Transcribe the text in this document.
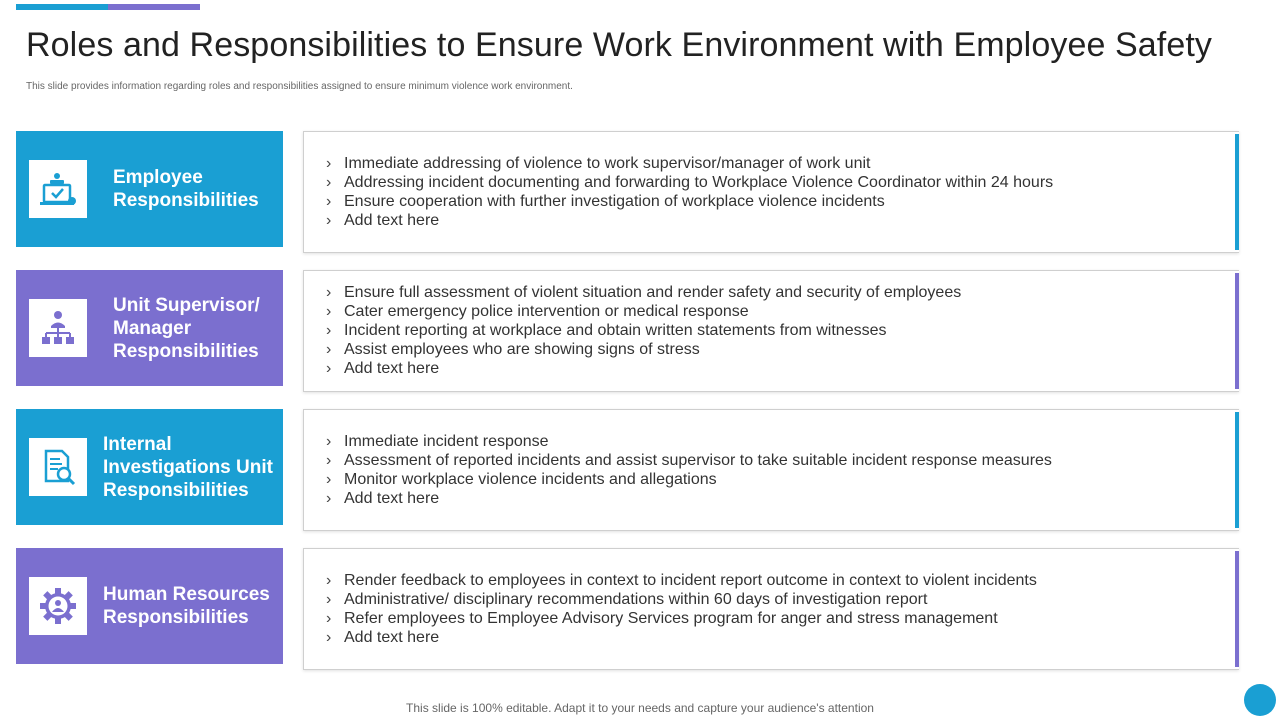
Roles and Responsibilities to Ensure Work Environment with Employee Safety

This slide provides information regarding roles and responsibilities assigned to ensure minimum violence work environment.

Employee Responsibilities
› Immediate addressing of violence to work supervisor/manager of work unit
› Addressing incident documenting and forwarding to Workplace Violence Coordinator within 24 hours
› Ensure cooperation with further investigation of workplace violence incidents
› Add text here
Unit Supervisor/ Manager Responsibilities
› Ensure full assessment of violent situation and render safety and security of employees
› Cater emergency police intervention or medical response
› Incident reporting at workplace and obtain written statements from witnesses
› Assist employees who are showing signs of stress
› Add text here
Internal Investigations Unit Responsibilities
› Immediate incident response
› Assessment of reported incidents and assist supervisor to take suitable incident response measures
› Monitor workplace violence incidents and allegations
› Add text here
Human Resources Responsibilities
› Render feedback to employees in context to incident report outcome in context to violent incidents
› Administrative/ disciplinary recommendations within 60 days of investigation report
› Refer employees to Employee Advisory Services program for anger and stress management
› Add text here
This slide is 100% editable. Adapt it to your needs and capture your audience's attention
